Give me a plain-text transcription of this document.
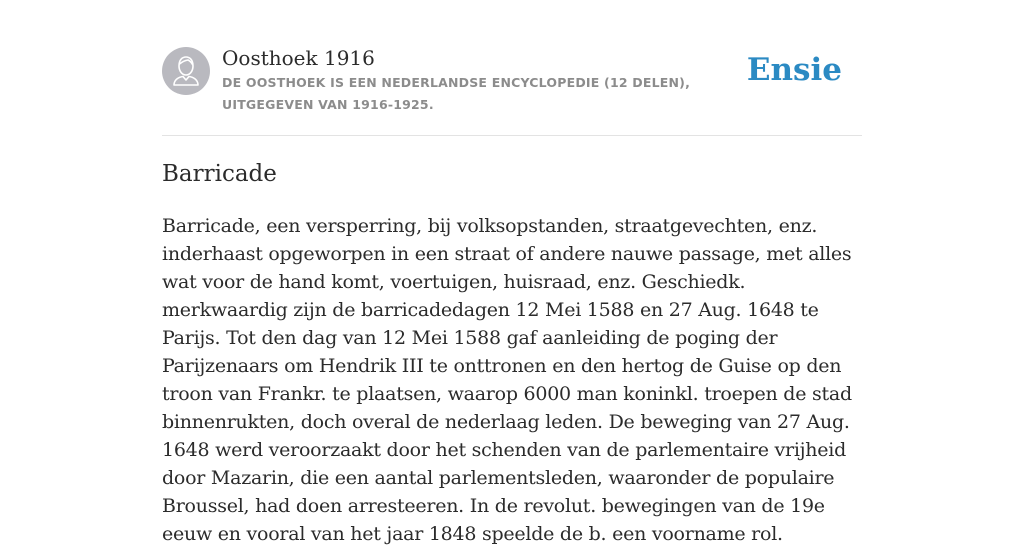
Oosthoek 1916

DE OOSTHOEK IS EEN NEDERLANDSE ENCYCLOPEDIE (12 DELEN), UITGEGEVEN VAN 1916-1925.

Ensie
Barricade

Barricade, een versperring, bij volksopstanden, straatgevechten, enz. inderhaast opgeworpen in een straat of andere nauwe passage, met alles wat voor de hand komt, voertuigen, huisraad, enz. Geschiedk. merkwaardig zijn de barricadedagen 12 Mei 1588 en 27 Aug. 1648 te Parijs. Tot den dag van 12 Mei 1588 gaf aanleiding de poging der Parijzenaars om Hendrik III te onttronen en den hertog de Guise op den troon van Frankr. te plaatsen, waarop 6000 man koninkl. troepen de stad binnenrukten, doch overal de nederlaag leden. De beweging van 27 Aug. 1648 werd veroorzaakt door het schenden van de parlementaire vrijheid door Mazarin, die een aantal parlementsleden, waaronder de populaire Broussel, had doen arresteeren. In de revolut. bewegingen van de 19e eeuw en vooral van het jaar 1848 speelde de b. een voorname rol.
